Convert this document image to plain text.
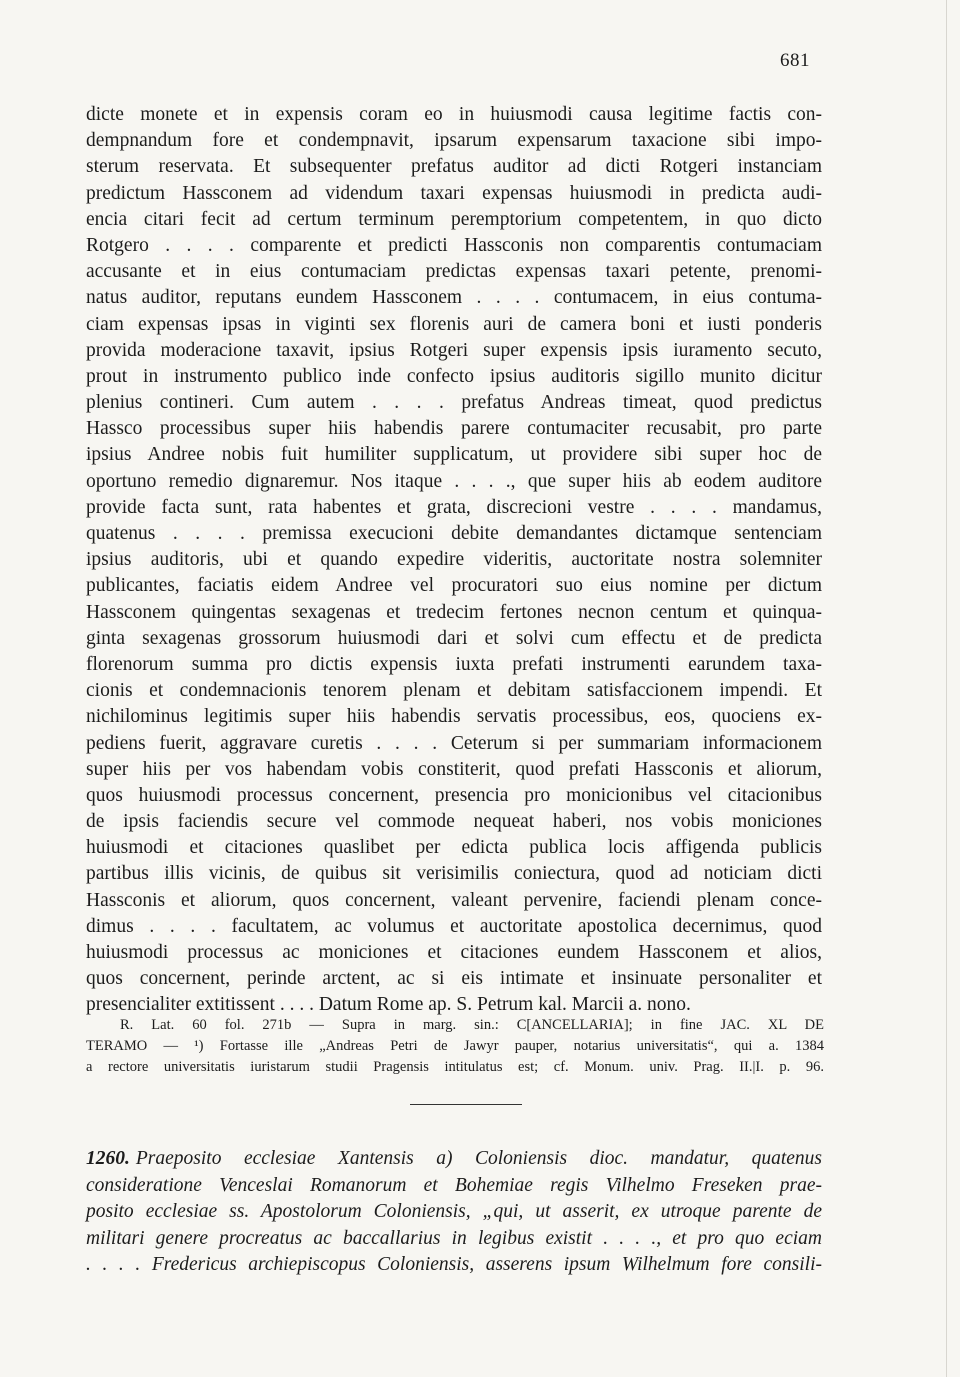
681
dicte monete et in expensis coram eo in huiusmodi causa legitime factis con-
dempnandum fore et condempnavit, ipsarum expensarum taxacione sibi impo-
sterum reservata. Et subsequenter prefatus auditor ad dicti Rotgeri instanciam
predictum Hassconem ad videndum taxari expensas huiusmodi in predicta audi-
encia citari fecit ad certum terminum peremptorium competentem, in quo dicto
Rotgero . . . . comparente et predicti Hassconis non comparentis contumaciam
accusante et in eius contumaciam predictas expensas taxari petente, prenomi-
natus auditor, reputans eundem Hassconem . . . . contumacem, in eius contuma-
ciam expensas ipsas in viginti sex florenis auri de camera boni et iusti ponderis
provida moderacione taxavit, ipsius Rotgeri super expensis ipsis iuramento secuto,
prout in instrumento publico inde confecto ipsius auditoris sigillo munito dicitur
plenius contineri. Cum autem . . . . prefatus Andreas timeat, quod predictus
Hassco processibus super hiis habendis parere contumaciter recusabit, pro parte
ipsius Andree nobis fuit humiliter supplicatum, ut providere sibi super hoc de
oportuno remedio dignaremur. Nos itaque . . . ., que super hiis ab eodem auditore
provide facta sunt, rata habentes et grata, discrecioni vestre . . . . mandamus,
quatenus . . . . premissa execucioni debite demandantes dictamque sentenciam
ipsius auditoris, ubi et quando expedire videritis, auctoritate nostra solemniter
publicantes, faciatis eidem Andree vel procuratori suo eius nomine per dictum
Hassconem quingentas sexagenas et tredecim fertones necnon centum et quinqua-
ginta sexagenas grossorum huiusmodi dari et solvi cum effectu et de predicta
florenorum summa pro dictis expensis iuxta prefati instrumenti earundem taxa-
cionis et condemnacionis tenorem plenam et debitam satisfaccionem impendi. Et
nichilominus legitimis super hiis habendis servatis processibus, eos, quociens ex-
pediens fuerit, aggravare curetis . . . . Ceterum si per summariam informacionem
super hiis per vos habendam vobis constiterit, quod prefati Hassconis et aliorum,
quos huiusmodi processus concernent, presencia pro monicionibus vel citacionibus
de ipsis faciendis secure vel commode nequeat haberi, nos vobis moniciones
huiusmodi et citaciones quaslibet per edicta publica locis affigenda publicis
partibus illis vicinis, de quibus sit verisimilis coniectura, quod ad noticiam dicti
Hassconis et aliorum, quos concernent, valeant pervenire, faciendi plenam conce-
dimus . . . . facultatem, ac volumus et auctoritate apostolica decernimus, quod
huiusmodi processus ac moniciones et citaciones eundem Hassconem et alios,
quos concernent, perinde arctent, ac si eis intimate et insinuate personaliter et
presencialiter extitissent . . . . Datum Rome ap. S. Petrum kal. Marcii a. nono.
R. Lat. 60 fol. 271b — Supra in marg. sin.: C[ANCELLARIA]; in fine JAC. XL DE
TERAMO — ¹) Fortasse ille „Andreas Petri de Jawyr pauper, notarius universitatis“, qui a. 1384
a rectore universitatis iuristarum studii Pragensis intitulatus est; cf. Monum. univ. Prag. II.|I. p. 96.
1260. Praeposito ecclesiae Xantensis a) Coloniensis dioc. mandatur, quatenus
consideratione Venceslai Romanorum et Bohemiae regis Vilhelmo Freseken prae-
posito ecclesiae ss. Apostolorum Coloniensis, „qui, ut asserit, ex utroque parente de
militari genere procreatus ac baccallarius in legibus existit . . . ., et pro quo eciam
. . . . Fredericus archiepiscopus Coloniensis, asserens ipsum Wilhelmum fore consili-
